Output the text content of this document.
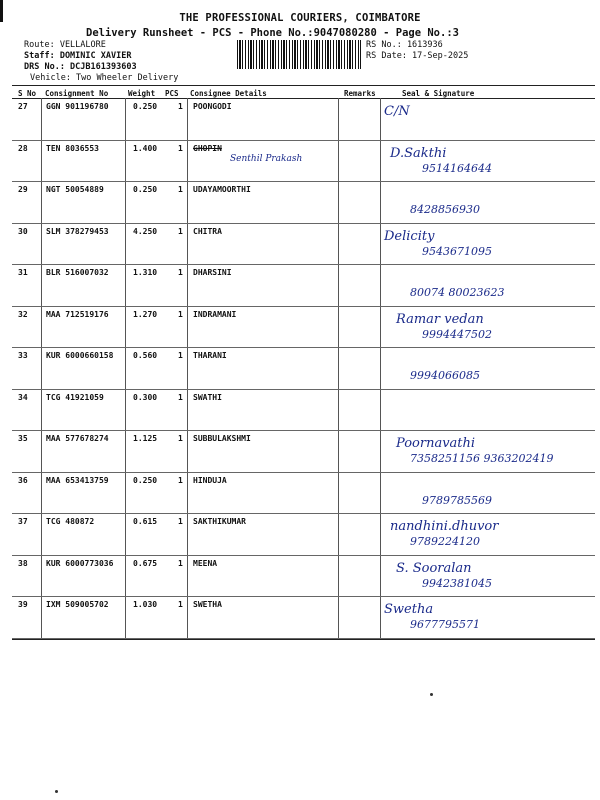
THE PROFESSIONAL COURIERS, COIMBATORE
Delivery Runsheet - PCS - Phone No.:9047080280 - Page No.:3
Route: VELLALORE
Staff: DOMINIC XAVIER
DRS No.: DCJB161393603
Vehicle: Two Wheeler Delivery
RS No.: 1613936
RS Date: 17-Sep-2025
S No Consignment No	Weight PCS Consignee Details	Remarks	Seal & Signature
27 GGN 901196780	0.250	1 POONGODI	C/N
28 TEN 8036553	1.400	1 GHOPIN	D.Sakthi
9514164644
29 NGT 50054889	0.250	1 UDAYAMOORTHI
8428856930
30 SLM 378279453	4.250	1 CHITRA	Delicity
9543671095
31 BLR 516007032	1.310	1 DHARSINI
80074 80023623
32 MAA 712519176	1.270	1 INDRAMANI	Ramar vedan
9994447502
33 KUR 6000660158 0.560	1 THARANI
9994066085
34 TCG 41921059	0.300	1 SWATHI
35 MAA 577678274	1.125	1 SUBBULAKSHMI	Poornavathi
7358251156 9363202419
36 MAA 653413759	0.250	1 HINDUJA
9789785569
37 TCG 480872	0.615	1 SAKTHIKUMAR	nandhini.dhuvor
9789224120
38 KUR 6000773036 0.675	1 MEENA	S. Sooralan
9942381045
39 IXM 509005702	1.030	1 SWETHA	Swetha
9677795571
Senthil Prakash
